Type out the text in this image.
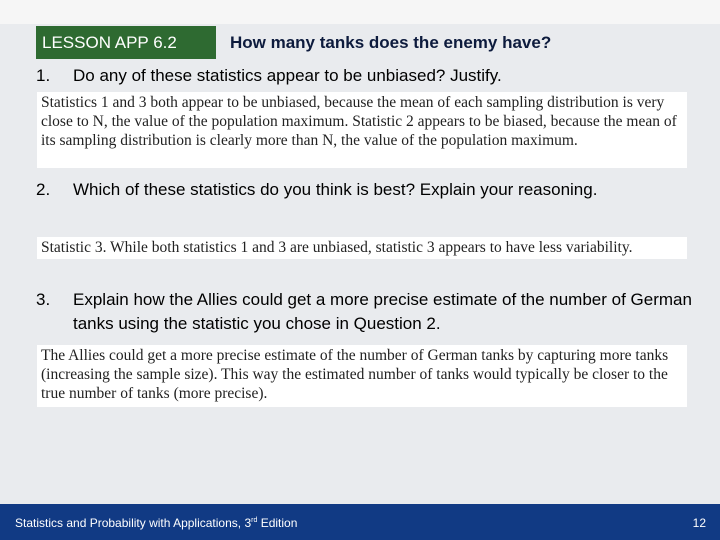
LESSON APP 6.2	How many tanks does the enemy have?
1. Do any of these statistics appear to be unbiased? Justify.
Statistics 1 and 3 both appear to be unbiased, because the mean of each sampling distribution is very close to N, the value of the population maximum. Statistic 2 appears to be biased, because the mean of its sampling distribution is clearly more than N, the value of the population maximum.
2. Which of these statistics do you think is best? Explain your reasoning.
Statistic 3. While both statistics 1 and 3 are unbiased, statistic 3 appears to have less variability.
3. Explain how the Allies could get a more precise estimate of the number of German tanks using the statistic you chose in Question 2.
The Allies could get a more precise estimate of the number of German tanks by capturing more tanks (increasing the sample size). This way the estimated number of tanks would typically be closer to the true number of tanks (more precise).
Statistics and Probability with Applications, 3rd Edition	12
